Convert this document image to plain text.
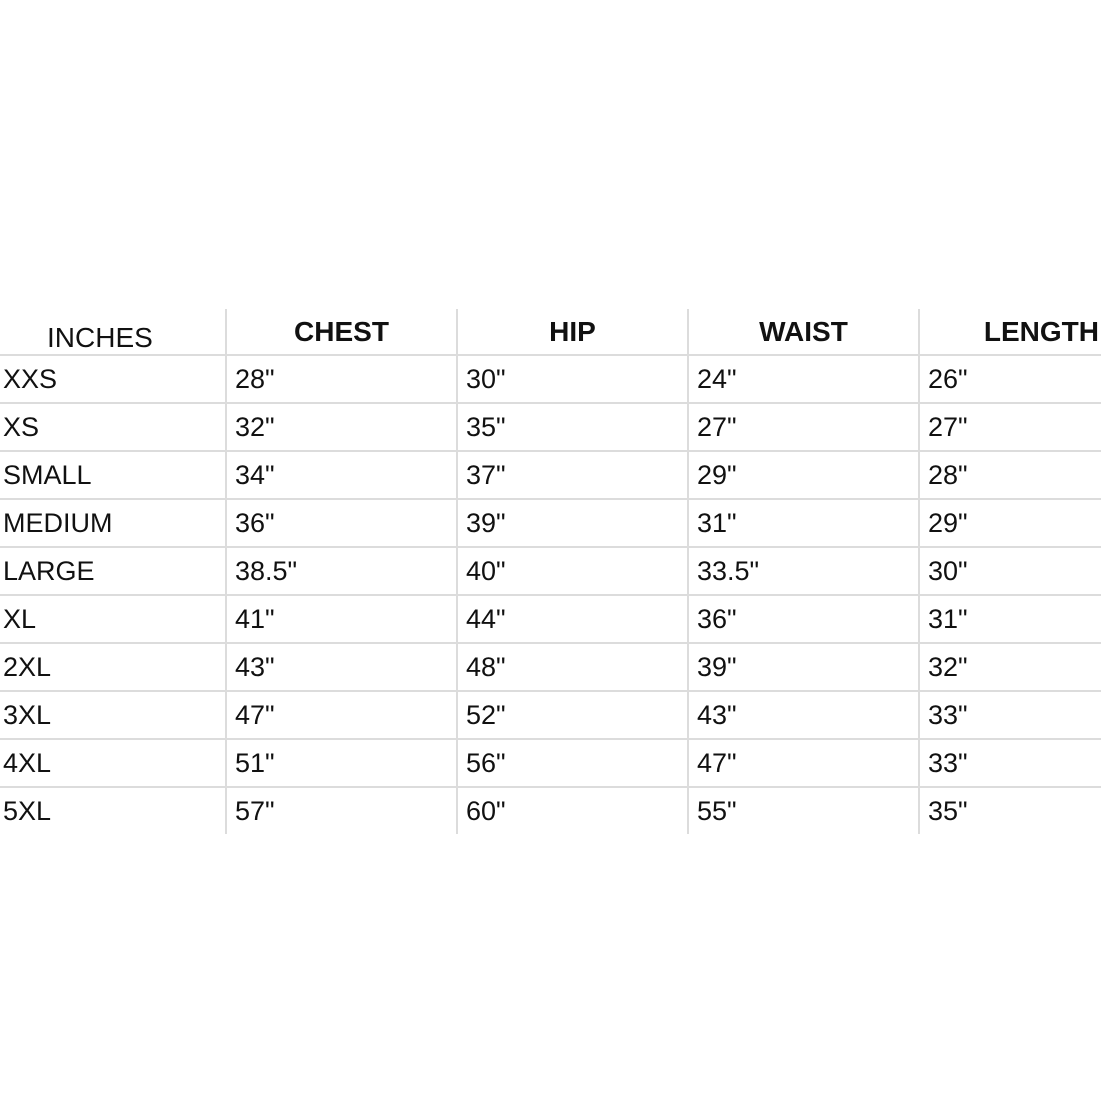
INCHES	CHEST	HIP	WAIST	LENGTH
XXS	28"	30"	24"	26"
XS	32"	35"	27"	27"
SMALL	34"	37"	29"	28"
MEDIUM	36"	39"	31"	29"
LARGE	38.5"	40"	33.5"	30"
XL	41"	44"	36"	31"
2XL	43"	48"	39"	32"
3XL	47"	52"	43"	33"
4XL	51"	56"	47"	33"
5XL	57"	60"	55"	35"
